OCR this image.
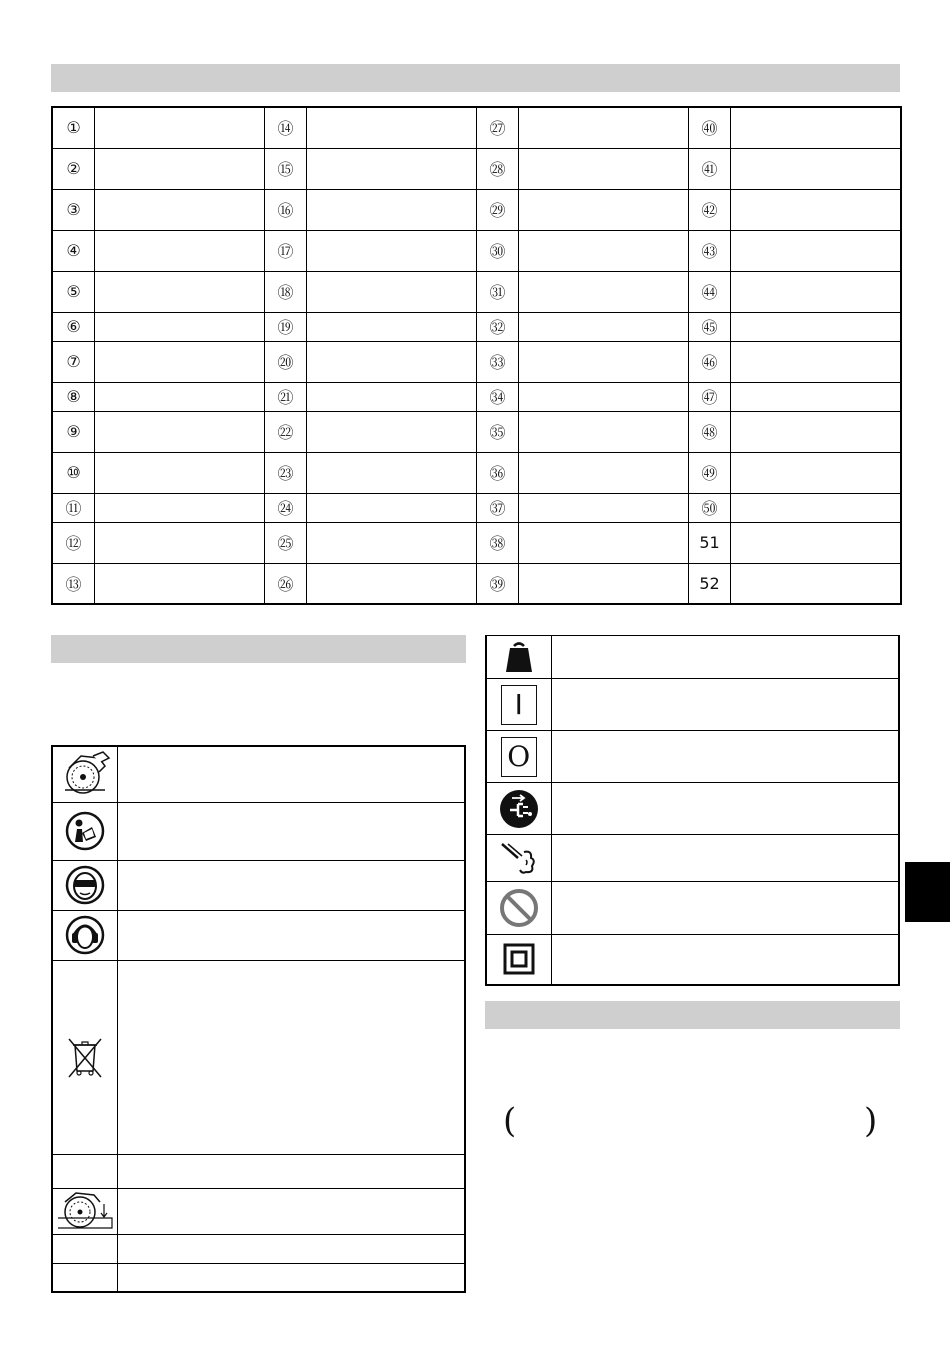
①		⑭		㉗		㊵	
②		⑮		㉘		㊶	
③		⑯		㉙		㊷	
④		⑰		㉚		㊸	
⑤		⑱		㉛		㊹	
⑥		⑲		㉜		㊺	
⑦		⑳		㉝		㊻	
⑧		㉑		㉞		㊼	
⑨		㉒		㉟		㊽	
⑩		㉓		㊱		㊾	
⑪		㉔		㊲		㊿	
⑫		㉕		㊳		51	
⑬		㉖		㊴		52	

I	

O	

(	)
